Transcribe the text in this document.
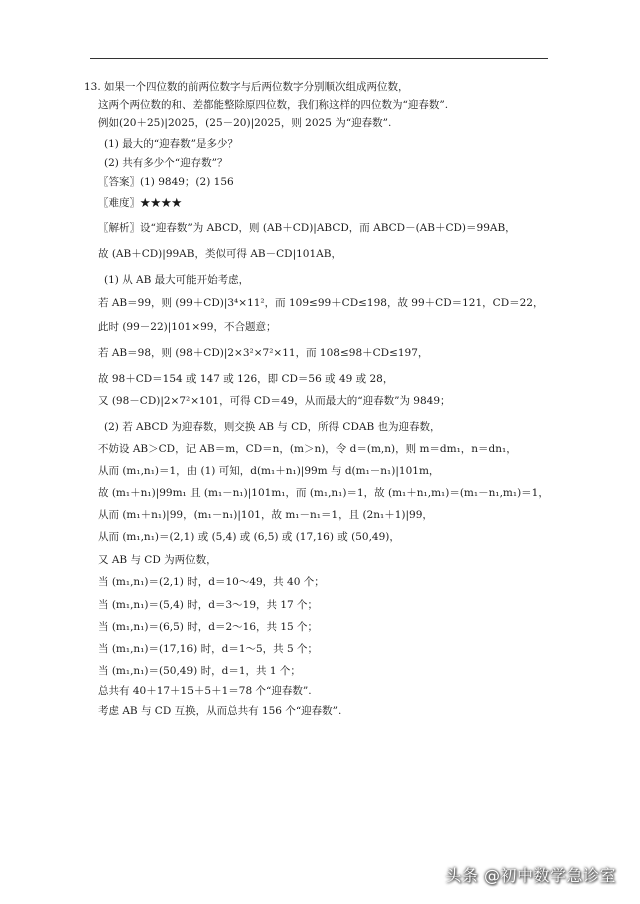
13. 如果一个四位数的前两位数字与后两位数字分别顺次组成两位数，
这两个两位数的和、差都能整除原四位数，我们称这样的四位数为“迎春数”.
例如(20＋25)|2025，(25－20)|2025，则 2025 为“迎春数”.
(1) 最大的“迎春数”是多少？
(2) 共有多少个“迎存数”？
〖答案〗(1) 9849；(2) 156
〖难度〗★★★★
〖解析〗设“迎春数”为 ABCD，则 (AB＋CD)|ABCD，而 ABCD－(AB＋CD)＝99AB，
故 (AB＋CD)|99AB，类似可得 AB－CD|101AB，
(1) 从 AB 最大可能开始考虑，
若 AB＝99，则 (99＋CD)|3⁴×11²，而 109≤99＋CD≤198，故 99＋CD＝121，CD＝22，
此时 (99－22)|101×99，不合题意；
若 AB＝98，则 (98＋CD)|2×3²×7²×11，而 108≤98＋CD≤197，
故 98＋CD＝154 或 147 或 126，即 CD＝56 或 49 或 28，
又 (98－CD)|2×7²×101，可得 CD＝49，从而最大的“迎春数”为 9849；
(2) 若 ABCD 为迎春数，则交换 AB 与 CD，所得 CDAB 也为迎春数，
不妨设 AB＞CD，记 AB＝m，CD＝n，(m＞n)，令 d＝(m,n)，则 m＝dm₁，n＝dn₁，
从而 (m₁,n₁)＝1，由 (1) 可知，d(m₁＋n₁)|99m 与 d(m₁－n₁)|101m，
故 (m₁＋n₁)|99m₁ 且 (m₁－n₁)|101m₁，而 (m₁,n₁)＝1，故 (m₁＋n₁,m₁)＝(m₁－n₁,m₁)＝1，
从而 (m₁＋n₁)|99，(m₁－n₁)|101，故 m₁－n₁＝1，且 (2n₁＋1)|99，
从而 (m₁,n₁)＝(2,1) 或 (5,4) 或 (6,5) 或 (17,16) 或 (50,49)，
又 AB 与 CD 为两位数，
当 (m₁,n₁)＝(2,1) 时，d＝10～49，共 40 个；
当 (m₁,n₁)＝(5,4) 时，d＝3～19，共 17 个；
当 (m₁,n₁)＝(6,5) 时，d＝2～16，共 15 个；
当 (m₁,n₁)＝(17,16) 时，d＝1～5，共 5 个；
当 (m₁,n₁)＝(50,49) 时，d＝1，共 1 个；
总共有 40＋17＋15＋5＋1＝78 个“迎春数”.
考虑 AB 与 CD 互换，从而总共有 156 个“迎春数”.
头条 @初中数学急诊室
